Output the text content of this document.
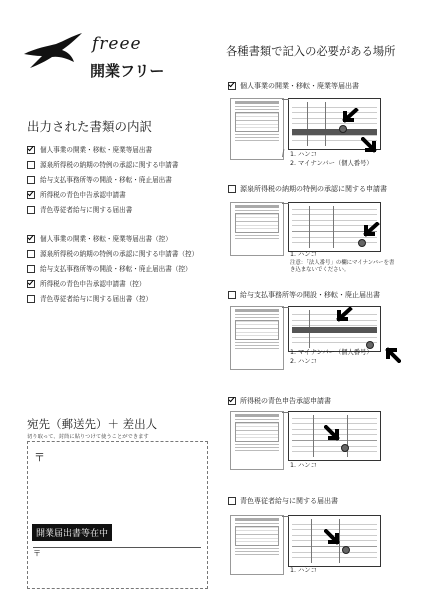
freee
開業フリー
出力された書類の内訳
個人事業の開業・移転・廃業等届出書
源泉所得税の納期の特例の承認に関する申請書
給与支払事務所等の開設・移転・廃止届出書
所得税の青色申告承認申請書
青色専従者給与に関する届出書
個人事業の開業・移転・廃業等届出書（控）
源泉所得税の納期の特例の承認に関する申請書（控）
給与支払事務所等の開設・移転・廃止届出書（控）
所得税の青色申告承認申請書（控）
青色専従者給与に関する届出書（控）
宛先（郵送先）＋ 差出人
切り取って、封筒に貼りつけて使うことができます
〒
開業届出書等在中
〒
各種書類で記入の必要がある場所
個人事業の開業・移転・廃業等届出書
1. ハンコ
2. マイナンバー（個人番号）
源泉所得税の納期の特例の承認に関する申請書
1. ハンコ
注意：「法人番号」の欄にマイナンバーを書
き込まないでください。
給与支払事務所等の開設・移転・廃止届出書
1. マイナンバー（個人番号）
2. ハンコ
所得税の青色申告承認申請書
1. ハンコ
青色専従者給与に関する届出書
1. ハンコ
